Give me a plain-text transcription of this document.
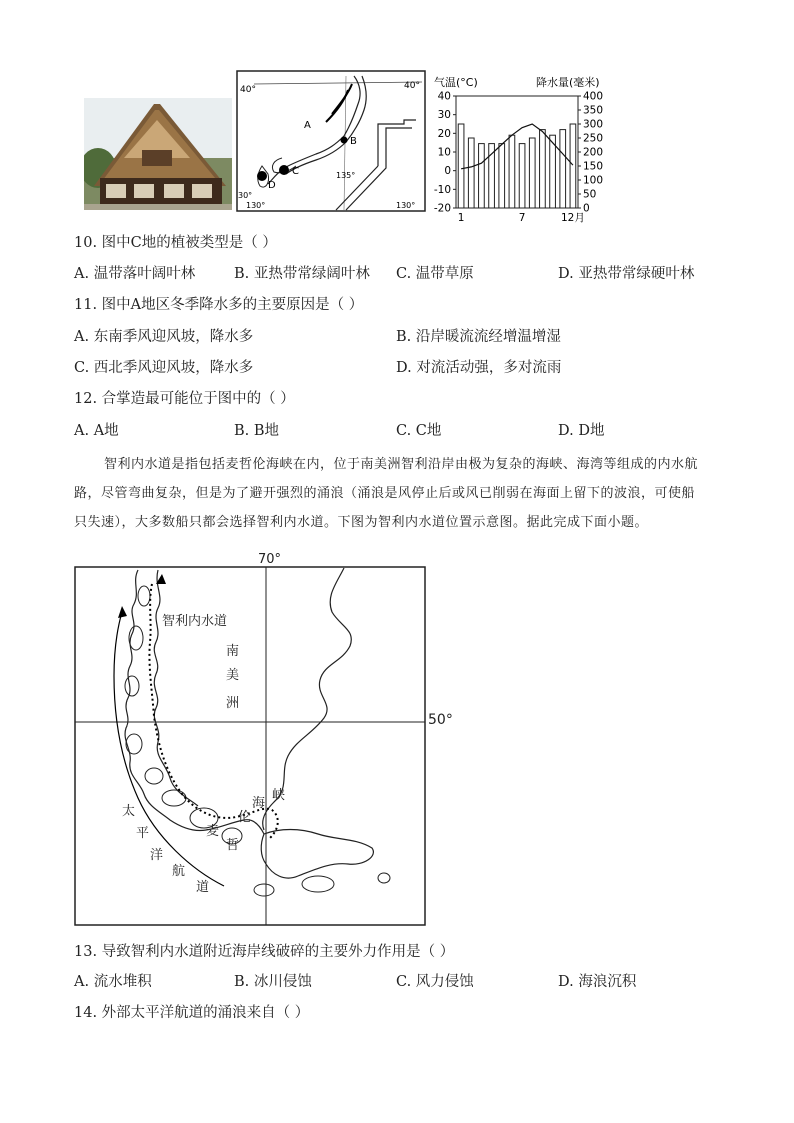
40°	40°
A
B
C
D
135°
30°
130°	130°
气温(°C)	降水量(毫米)
-20
-10
0
10
20
30
40
0
50
100
150
200
250
300
350
400
1	7	12月
10. 图中C地的植被类型是（ ）
A. 温带落叶阔叶林	B. 亚热带常绿阔叶林 C. 温带草原	D. 亚热带常绿硬叶林
11. 图中A地区冬季降水多的主要原因是（ ）
A. 东南季风迎风坡，降水多	B. 沿岸暖流流经增温增湿
C. 西北季风迎风坡，降水多	D. 对流活动强，多对流雨
12. 合掌造最可能位于图中的（ ）
A. A地	B. B地	C. C地	D. D地
智利内水道是指包括麦哲伦海峡在内，位于南美洲智利沿岸由极为复杂的海峡、海湾等组成的内水航
路，尽管弯曲复杂，但是为了避开强烈的涌浪（涌浪是风停止后或风已削弱在海面上留下的波浪，可使船
只失速），大多数船只都会选择智利内水道。下图为智利内水道位置示意图。据此完成下面小题。
70°
50°
智利内水道
南
美
洲
太
平
洋
航
道
海
峡
伦
哲
麦
13. 导致智利内水道附近海岸线破碎的主要外力作用是（ ）
A. 流水堆积	B. 冰川侵蚀	C. 风力侵蚀	D. 海浪沉积
14. 外部太平洋航道的涌浪来自（ ）
